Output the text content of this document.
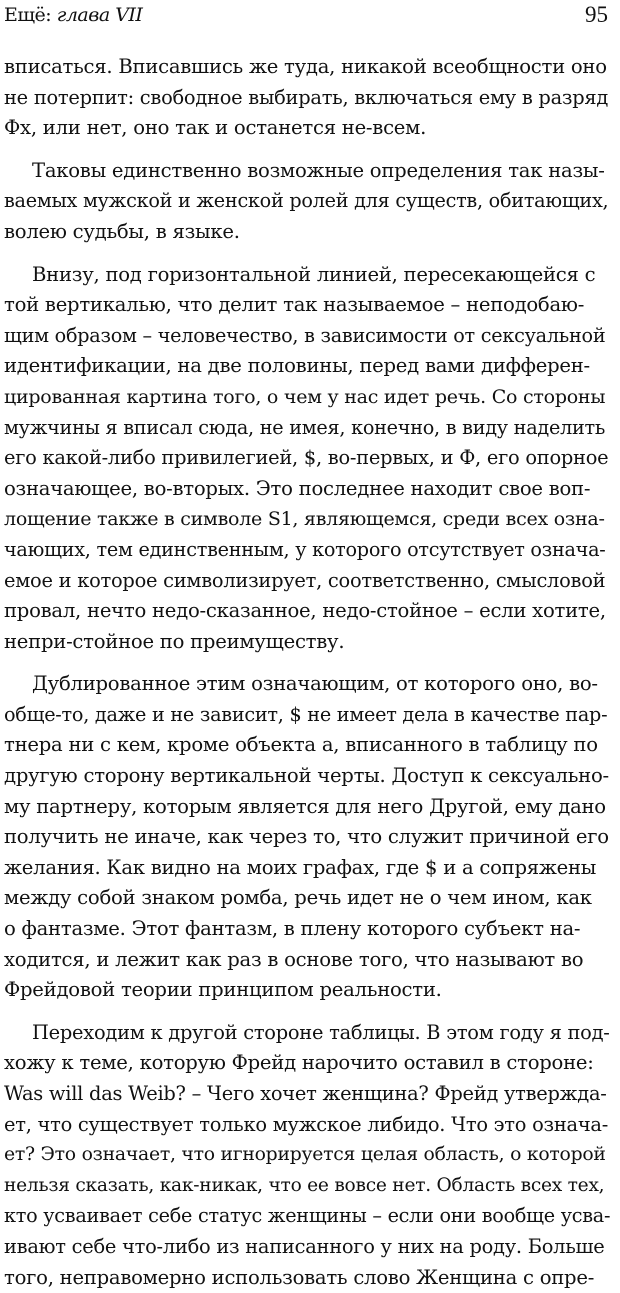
Ещё: глава VII	95
вписаться. Вписавшись же туда, никакой всеобщности оно
не потерпит: свободное выбирать, включаться ему в разряд
Фx, или нет, оно так и останется не-всем.
Таковы единственно возможные определения так назы-
ваемых мужской и женской ролей для существ, обитающих,
волею судьбы, в языке.
Внизу, под горизонтальной линией, пересекающейся с
той вертикалью, что делит так называемое – неподобаю-
щим образом – человечество, в зависимости от сексуальной
идентификации, на две половины, перед вами дифферен-
цированная картина того, о чем у нас идет речь. Со стороны
мужчины я вписал сюда, не имея, конечно, в виду наделить
его какой-либо привилегией, $, во-первых, и Ф, его опорное
означающее, во-вторых. Это последнее находит свое воп-
лощение также в символе S1, являющемся, среди всех озна-
чающих, тем единственным, у которого отсутствует означа-
емое и которое символизирует, соответственно, смысловой
провал, нечто недо-сказанное, недо-стойное – если хотите,
непри-стойное по преимуществу.
Дублированное этим означающим, от которого оно, во-
обще-то, даже и не зависит, $ не имеет дела в качестве пар-
тнера ни с кем, кроме объекта a, вписанного в таблицу по
другую сторону вертикальной черты. Доступ к сексуально-
му партнеру, которым является для него Другой, ему дано
получить не иначе, как через то, что служит причиной его
желания. Как видно на моих графах, где $ и a сопряжены
между собой знаком ромба, речь идет не о чем ином, как
о фантазме. Этот фантазм, в плену которого субъект на-
ходится, и лежит как раз в основе того, что называют во
Фрейдовой теории принципом реальности.
Переходим к другой стороне таблицы. В этом году я под-
хожу к теме, которую Фрейд нарочито оставил в стороне:
Was will das Weib? – Чего хочет женщина? Фрейд утверждa-
ет, что существует только мужское либидо. Что это означа-
ет? Это означает, что игнорируется целая область, о которой
нельзя сказать, как-никак, что ее вовсе нет. Область всех тех,
кто усваивает себе статус женщины – если они вообще усва-
ивают себе что-либо из написанного у них на роду. Больше
того, неправомерно использовать слово Женщина с опре-
